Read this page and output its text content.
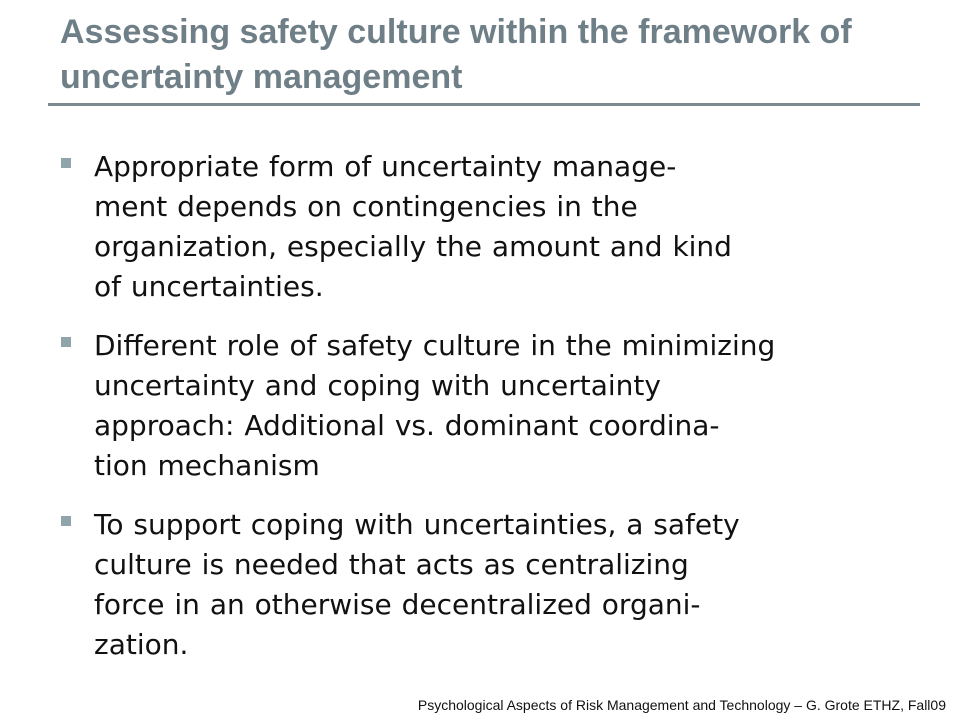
Assessing safety culture within the framework of uncertainty management
Appropriate form of uncertainty manage-
ment depends on contingencies in the
organization, especially the amount and kind
of uncertainties.
Different role of safety culture in the minimizing
uncertainty and coping with uncertainty
approach: Additional vs. dominant coordina-
tion mechanism
To support coping with uncertainties, a safety
culture is needed that acts as centralizing
force in an otherwise decentralized organi-
zation.
Psychological Aspects of Risk Management and Technology – G. Grote ETHZ, Fall09
